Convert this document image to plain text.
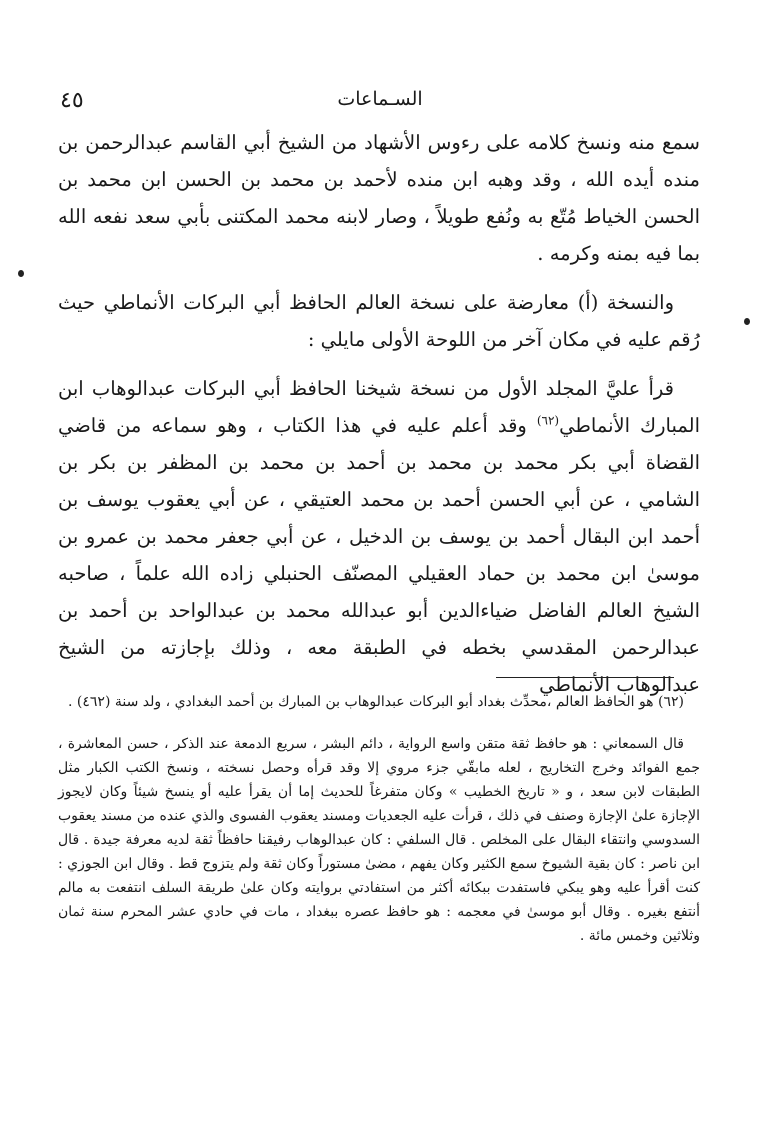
السـماعات
٤٥

سمع منه ونسخ كلامه على رءوس الأشهاد من الشيخ أبي القاسم عبدالرحمن بن منده أيده الله ، وقد وهبه ابن منده لأحمد بن محمد بن الحسن ابن محمد بن الحسن الخياط مُتّع به ونُفع طويلاً ، وصار لابنه محمد المكتنى بأبي سعد نفعه الله بما فيه بمنه وكرمه .

والنسخة (أ) معارضة على نسخة العالم الحافظ أبي البركات الأنماطي حيث رُقم عليه في مكان آخر من اللوحة الأولى مايلي :

قرأ عليَّ المجلد الأول من نسخة شيخنا الحافظ أبي البركات عبدالوهاب ابن المبارك الأنماطي$^{(٦٢)}$ وقد أعلم عليه في هذا الكتاب ، وهو سماعه من قاضي القضاة أبي بكر محمد بن محمد بن أحمد بن محمد بن المظفر بن بكر بن الشامي ، عن أبي الحسن أحمد بن محمد العتيقي ، عن أبي يعقوب يوسف بن أحمد ابن البقال أحمد بن يوسف بن الدخيل ، عن أبي جعفر محمد بن عمرو بن موسىٰ ابن محمد بن حماد العقيلي المصنّف الحنبلي زاده الله علماً ، صاحبه الشيخ العالم الفاضل ضياءالدين أبو عبدالله محمد بن عبدالواحد بن أحمد بن عبدالرحمن المقدسي بخطه في الطبقة معه ، وذلك بإجازته من الشيخ عبدالوهاب الأنماطي

(٦٢) هو الحافظ العالم ،محدِّث بغداد أبو البركات عبدالوهاب بن المبارك بن أحمد البغدادي ، ولد سنة (٤٦٢) .

قال السمعاني : هو حافظ ثقة متقن واسع الرواية ، دائم البشر ، سريع الدمعة عند الذكر ، حسن المعاشرة ، جمع الفوائد وخرج التخاريج ، لعله مابقّي جزء مروي إلا وقد قرأه وحصل نسخته ، ونسخ الكتب الكبار مثل الطبقات لابن سعد ، و « تاريخ الخطيب » وكان متفرغاً للحديث إما أن يقرأ عليه أو ينسخ شيئاً وكان لايجوز الإجازة علىٰ الإجازة وصنف في ذلك ، قرأت عليه الجعديات ومسند يعقوب الفسوى والذي عنده من مسند يعقوب السدوسي وانتقاء البقال على المخلص . قال السلفي : كان عبدالوهاب رفيقنا حافظاً ثقة لديه معرفة جيدة . قال ابن ناصر : كان بقية الشيوخ سمع الكثير وكان يفهم ، مضىٰ مستوراً وكان ثقة ولم يتزوج قط . وقال ابن الجوزي : كنت أقرأ عليه وهو يبكي فاستفدت ببكائه أكثر من استفادتي بروايته وكان علىٰ طريقة السلف انتفعت به مالم أنتفع بغيره . وقال أبو موسىٰ في معجمه : هو حافظ عصره ببغداد ، مات في حادي عشر المحرم سنة ثمان وثلاثين وخمس مائة .
